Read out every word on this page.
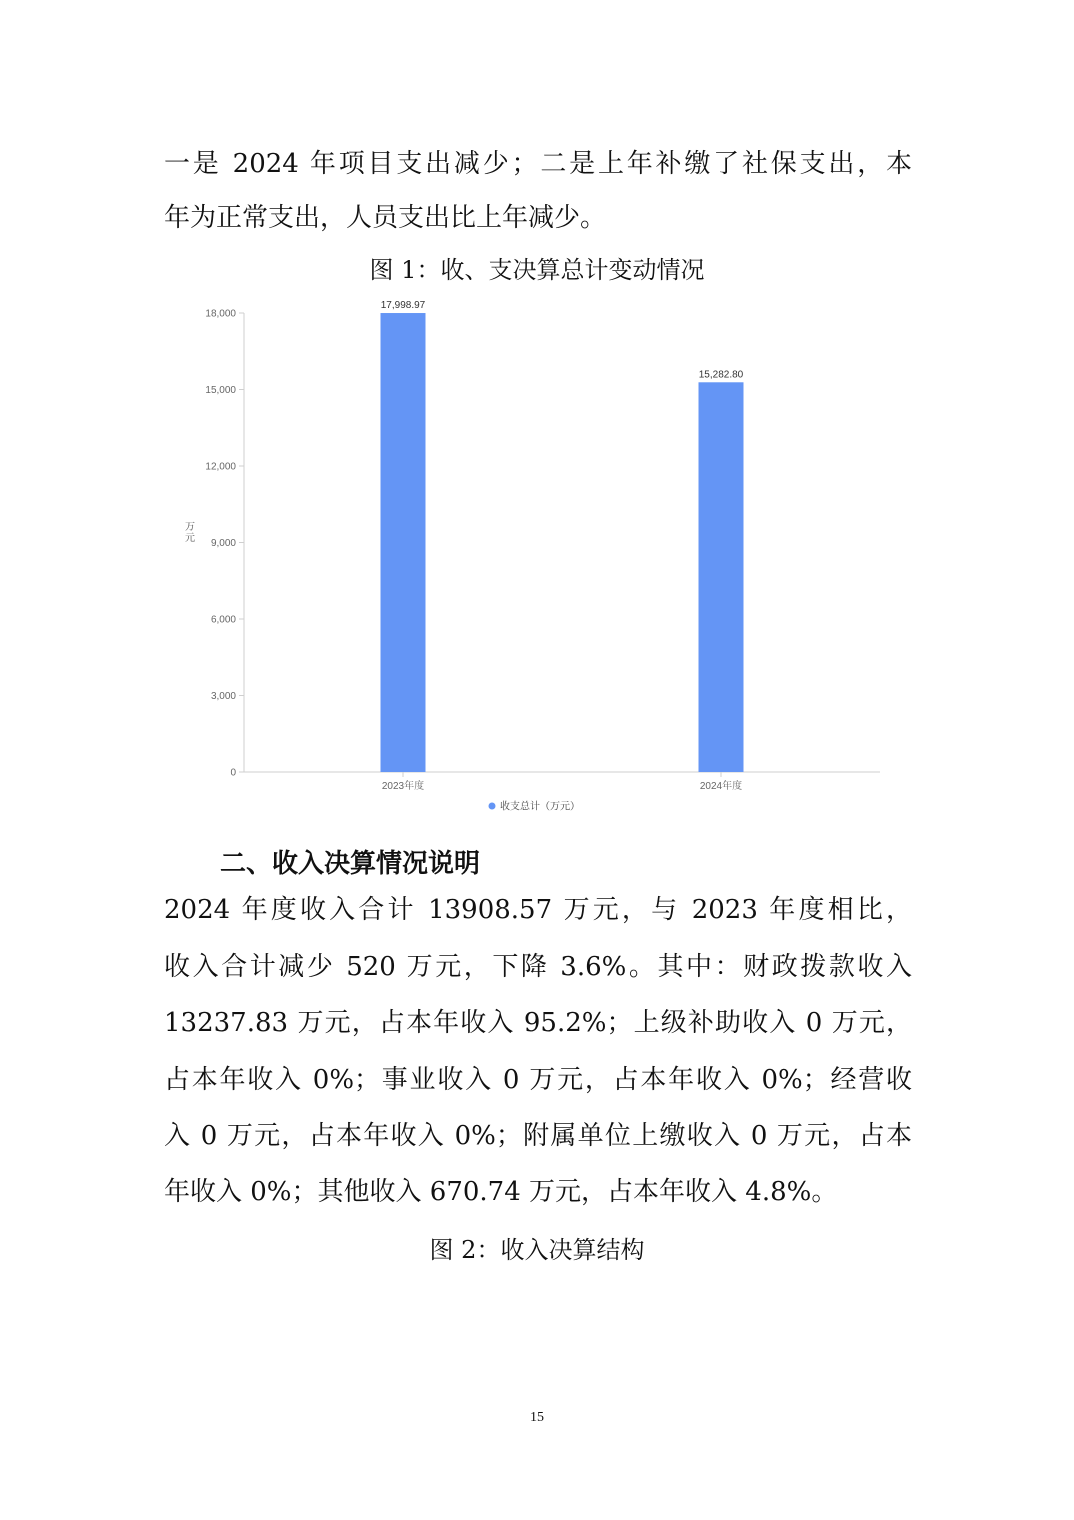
一是 2024 年项目支出减少；二是上年补缴了社保支出，本
年为正常支出，人员支出比上年减少。
图 1：收、支决算总计变动情况
0
3,000
6,000
9,000
12,000
15,000
18,000
万元
17,998.97
2023年度
15,282.80
2024年度
收支总计（万元）
二、收入决算情况说明
2024 年度收入合计 13908.57 万元，与 2023 年度相比，
收入合计减少 520 万元，下降 3.6%。其中：财政拨款收入
13237.83 万元，占本年收入 95.2%；上级补助收入 0 万元，
占本年收入 0%；事业收入 0 万元，占本年收入 0%；经营收
入 0 万元，占本年收入 0%；附属单位上缴收入 0 万元，占本
年收入 0%；其他收入 670.74 万元，占本年收入 4.8%。
图 2：收入决算结构
15
